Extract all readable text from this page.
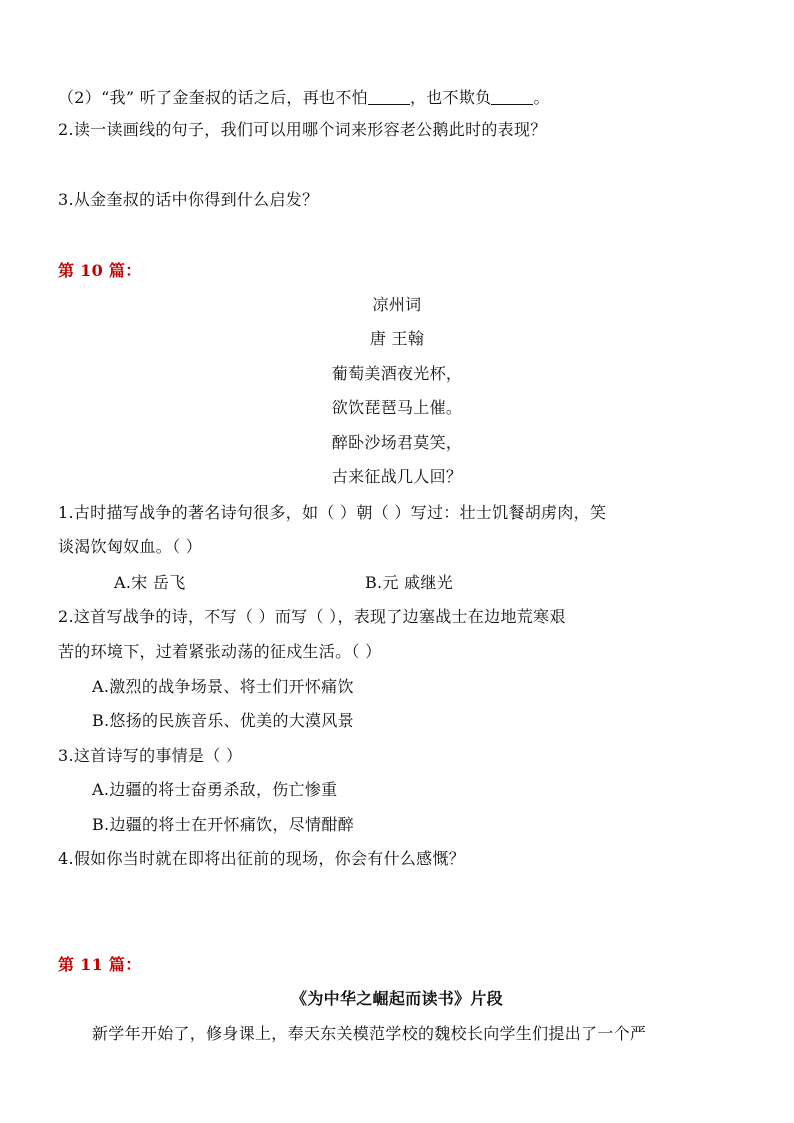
（2）“我” 听了金奎叔的话之后，再也不怕	，也不欺负	。
2.读一读画线的句子，我们可以用哪个词来形容老公鹅此时的表现？
3.从金奎叔的话中你得到什么启发？
第 10 篇：
凉州词
唐 王翰
葡萄美酒夜光杯，
欲饮琵琶马上催。
醉卧沙场君莫笑，
古来征战几人回？
1.古时描写战争的著名诗句很多，如（ ）朝（ ）写过：壮士饥餐胡虏肉，笑
谈渴饮匈奴血。（ ）
A.宋 岳飞	B.元 戚继光
2.这首写战争的诗，不写（ ）而写（ ），表现了边塞战士在边地荒寒艰
苦的环境下，过着紧张动荡的征戍生活。（ ）
A.激烈的战争场景、将士们开怀痛饮
B.悠扬的民族音乐、优美的大漠风景
3.这首诗写的事情是（ ）
A.边疆的将士奋勇杀敌，伤亡惨重
B.边疆的将士在开怀痛饮，尽情酣醉
4.假如你当时就在即将出征前的现场，你会有什么感慨？
第 11 篇：
《为中华之崛起而读书》片段
新学年开始了，修身课上，奉天东关模范学校的魏校长向学生们提出了一个严
